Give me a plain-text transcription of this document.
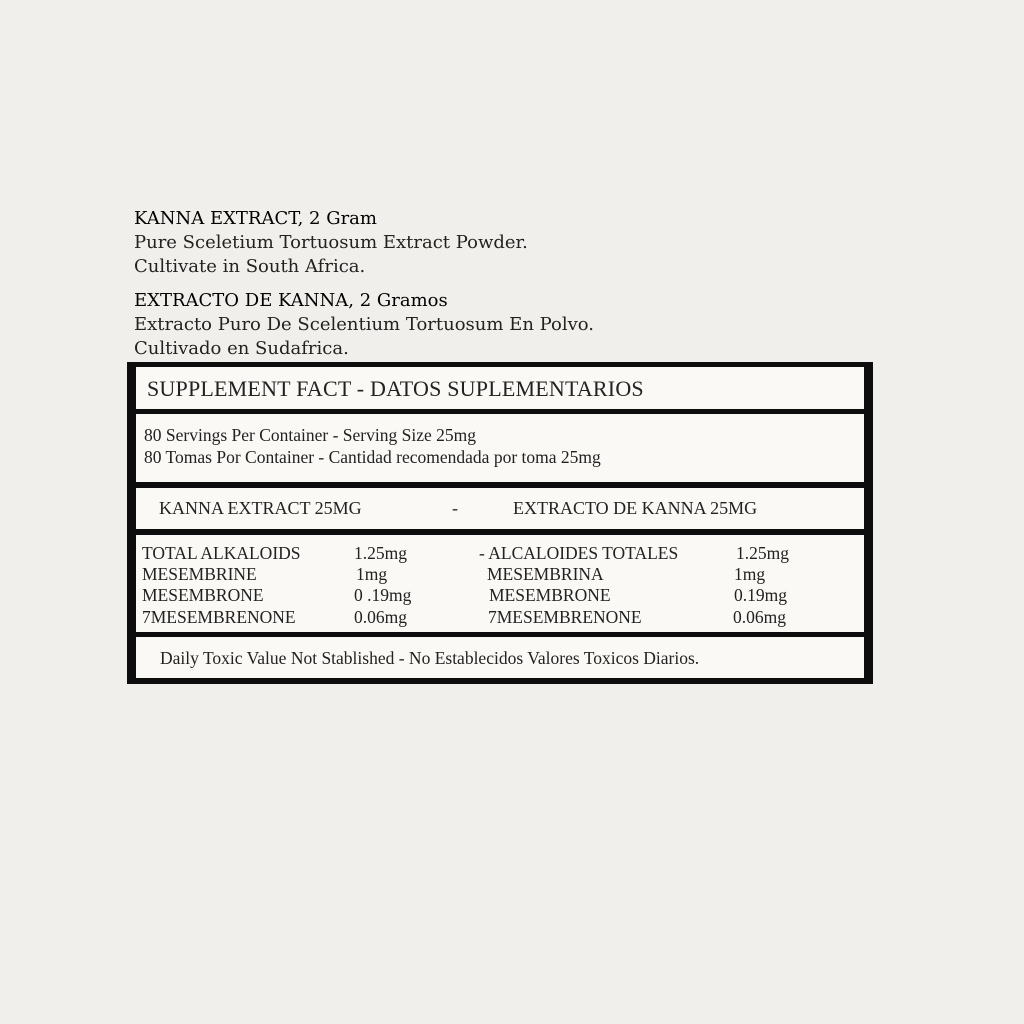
KANNA EXTRACT, 2 Gram
Pure Sceletium Tortuosum Extract Powder.
Cultivate in South Africa.
EXTRACTO DE KANNA, 2 Gramos
Extracto Puro De Scelentium Tortuosum En Polvo.
Cultivado en Sudafrica.
SUPPLEMENT FACT - DATOS SUPLEMENTARIOS
80 Servings Per Container - Serving Size 25mg
80 Tomas Por Container - Cantidad recomendada por toma 25mg
KANNA EXTRACT 25MG	-	EXTRACTO DE KANNA 25MG
TOTAL ALKALOIDS	1.25mg	- ALCALOIDES TOTALES	1.25mg
MESEMBRINE	1mg	MESEMBRINA	1mg
MESEMBRONE	0 .19mg	MESEMBRONE	0.19mg
7MESEMBRENONE	0.06mg	7MESEMBRENONE	0.06mg
Daily Toxic Value Not Stablished - No Establecidos Valores Toxicos Diarios.
